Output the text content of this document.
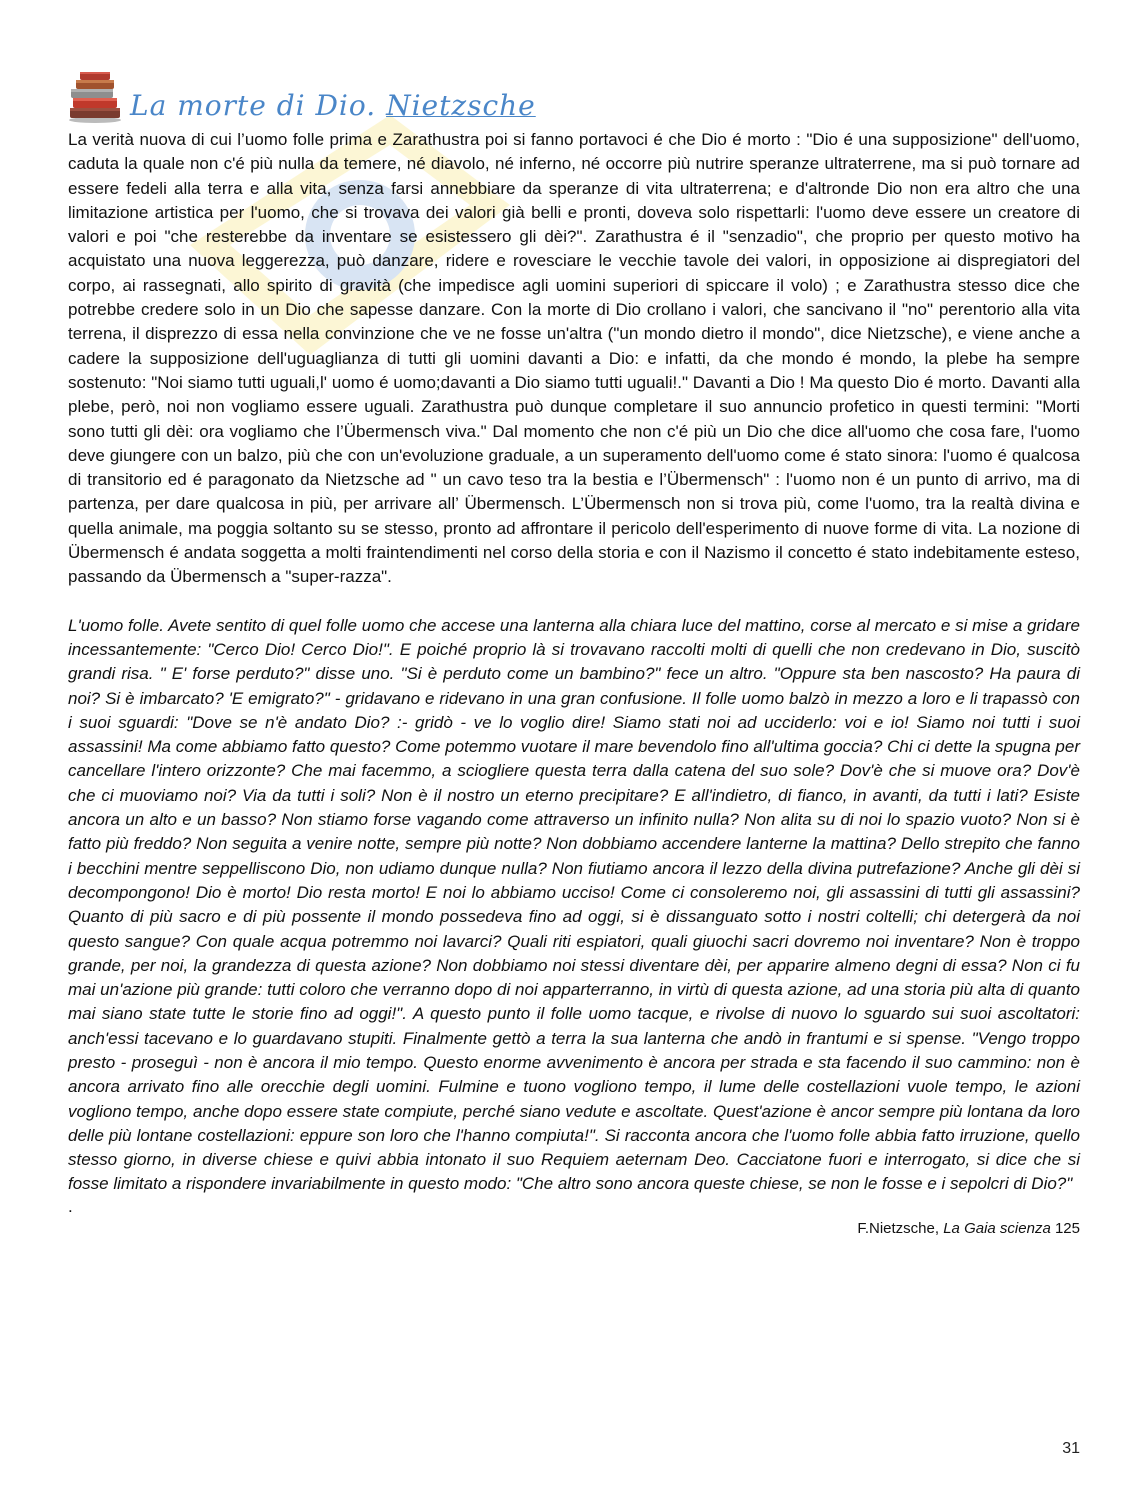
La morte di Dio. Nietzsche

La verità nuova di cui l’uomo folle prima e Zarathustra poi si fanno portavoci é che Dio é morto : "Dio é una supposizione" dell'uomo, caduta la quale non c'é più nulla da temere, né diavolo, né inferno, né occorre più nutrire speranze ultraterrene, ma si può tornare ad essere fedeli alla terra e alla vita, senza farsi annebbiare da speranze di vita ultraterrena; e d'altronde Dio non era altro che una limitazione artistica per l'uomo, che si trovava dei valori già belli e pronti, doveva solo rispettarli: l'uomo deve essere un creatore di valori e poi "che resterebbe da inventare se esistessero gli dèi?". Zarathustra é il "senzadio", che proprio per questo motivo ha acquistato una nuova leggerezza, può danzare, ridere e rovesciare le vecchie tavole dei valori, in opposizione ai dispregiatori del corpo, ai rassegnati, allo spirito di gravità (che impedisce agli uomini superiori di spiccare il volo) ; e Zarathustra stesso dice che potrebbe credere solo in un Dio che sapesse danzare. Con la morte di Dio crollano i valori, che sancivano il "no" perentorio alla vita terrena, il disprezzo di essa nella convinzione che ve ne fosse un'altra ("un mondo dietro il mondo", dice Nietzsche), e viene anche a cadere la supposizione dell'uguaglianza di tutti gli uomini davanti a Dio: e infatti, da che mondo é mondo, la plebe ha sempre sostenuto: "Noi siamo tutti uguali,l' uomo é uomo;davanti a Dio siamo tutti uguali!." Davanti a Dio ! Ma questo Dio é morto. Davanti alla plebe, però, noi non vogliamo essere uguali. Zarathustra può dunque completare il suo annuncio profetico in questi termini: "Morti sono tutti gli dèi: ora vogliamo che l’Übermensch viva." Dal momento che non c'é più un Dio che dice all'uomo che cosa fare, l'uomo deve giungere con un balzo, più che con un'evoluzione graduale, a un superamento dell'uomo come é stato sinora: l'uomo é qualcosa di transitorio ed é paragonato da Nietzsche ad " un cavo teso tra la bestia e l’Übermensch" : l'uomo non é un punto di arrivo, ma di partenza, per dare qualcosa in più, per arrivare all’ Übermensch. L’Übermensch non si trova più, come l'uomo, tra la realtà divina e quella animale, ma poggia soltanto su se stesso, pronto ad affrontare il pericolo dell'esperimento di nuove forme di vita. La nozione di Übermensch é andata soggetta a molti fraintendimenti nel corso della storia e con il Nazismo il concetto é stato indebitamente esteso, passando da Übermensch a "super-razza".

L'uomo folle. Avete sentito di quel folle uomo che accese una lanterna alla chiara luce del mattino, corse al mercato e si mise a gridare incessantemente: "Cerco Dio! Cerco Dio!". E poiché proprio là si trovavano raccolti molti di quelli che non credevano in Dio, suscitò grandi risa. " E' forse perduto?" disse uno. "Si è perduto come un bambino?" fece un altro. "Oppure sta ben nascosto? Ha paura di noi? Si è imbarcato? 'E emigrato?" - gridavano e ridevano in una gran confusione. Il folle uomo balzò in mezzo a loro e li trapassò con i suoi sguardi: "Dove se n'è andato Dio? :- gridò - ve lo voglio dire! Siamo stati noi ad ucciderlo: voi e io! Siamo noi tutti i suoi assassini! Ma come abbiamo fatto questo? Come potemmo vuotare il mare bevendolo fino all'ultima goccia? Chi ci dette la spugna per cancellare l'intero orizzonte? Che mai facemmo, a sciogliere questa terra dalla catena del suo sole? Dov'è che si muove ora? Dov'è che ci muoviamo noi? Via da tutti i soli? Non è il nostro un eterno precipitare? E all'indietro, di fianco, in avanti, da tutti i lati? Esiste ancora un alto e un basso? Non stiamo forse vagando come attraverso un infinito nulla? Non alita su di noi lo spazio vuoto? Non si è fatto più freddo? Non seguita a venire notte, sempre più notte? Non dobbiamo accendere lanterne la mattina? Dello strepito che fanno i becchini mentre seppelliscono Dio, non udiamo dunque nulla? Non fiutiamo ancora il lezzo della divina putrefazione? Anche gli dèi si decompongono! Dio è morto! Dio resta morto! E noi lo abbiamo ucciso! Come ci consoleremo noi, gli assassini di tutti gli assassini? Quanto di più sacro e di più possente il mondo possedeva fino ad oggi, si è dissanguato sotto i nostri coltelli; chi detergerà da noi questo sangue? Con quale acqua potremmo noi lavarci? Quali riti espiatori, quali giuochi sacri dovremo noi inventare? Non è troppo grande, per noi, la grandezza di questa azione? Non dobbiamo noi stessi diventare dèi, per apparire almeno degni di essa? Non ci fu mai un'azione più grande: tutti coloro che verranno dopo di noi apparterranno, in virtù di questa azione, ad una storia più alta di quanto mai siano state tutte le storie fino ad oggi!". A questo punto il folle uomo tacque, e rivolse di nuovo lo sguardo sui suoi ascoltatori: anch'essi tacevano e lo guardavano stupiti. Finalmente gettò a terra la sua lanterna che andò in frantumi e si spense. "Vengo troppo presto - proseguì - non è ancora il mio tempo. Questo enorme avvenimento è ancora per strada e sta facendo il suo cammino: non è ancora arrivato fino alle orecchie degli uomini. Fulmine e tuono vogliono tempo, il lume delle costellazioni vuole tempo, le azioni vogliono tempo, anche dopo essere state compiute, perché siano vedute e ascoltate. Quest'azione è ancor sempre più lontana da loro delle più lontane costellazioni: eppure son loro che l'hanno compiuta!". Si racconta ancora che l'uomo folle abbia fatto irruzione, quello stesso giorno, in diverse chiese e quivi abbia intonato il suo Requiem aeternam Deo. Cacciatone fuori e interrogato, si dice che si fosse limitato a rispondere invariabilmente in questo modo: "Che altro sono ancora queste chiese, se non le fosse e i sepolcri di Dio?"

.

F.Nietzsche, La Gaia scienza 125

31
